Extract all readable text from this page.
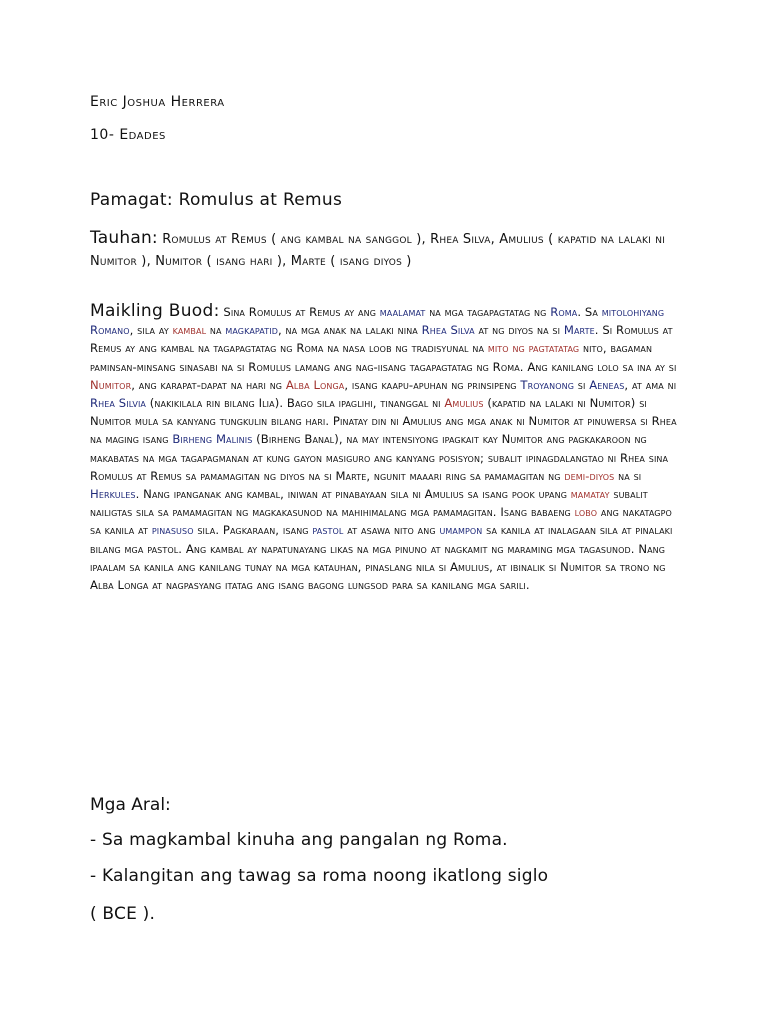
Eric Joshua Herrera
10- Edades
Pamagat: Romulus at Remus
Tauhan: Romulus at Remus ( ang kambal na sanggol ), Rhea Silva, Amulius ( kapatid na lalaki ni Numitor ), Numitor ( isang hari ), Marte ( isang diyos )
Maikling Buod: Sina Romulus at Remus ay ang maalamat na mga tagapagtatag ng Roma. Sa mitolohiyang Romano, sila ay kambal na magkapatid, na mga anak na lalaki nina Rhea Silva at ng diyos na si Marte. Si Romulus at Remus ay ang kambal na tagapagtatag ng Roma na nasa loob ng tradisyunal na mito ng pagtatatag nito, bagaman paminsan-minsang sinasabi na si Romulus lamang ang nag-iisang tagapagtatag ng Roma. Ang kanilang lolo sa ina ay si Numitor, ang karapat-dapat na hari ng Alba Longa, isang kaapu-apuhan ng prinsipeng Troyanong si Aeneas, at ama ni Rhea Silvia (nakikilala rin bilang Ilia). Bago sila ipaglihi, tinanggal ni Amulius (kapatid na lalaki ni Numitor) si Numitor mula sa kanyang tungkulin bilang hari. Pinatay din ni Amulius ang mga anak ni Numitor at pinuwersa si Rhea na maging isang Birheng Malinis (Birheng Banal), na may intensiyong ipagkait kay Numitor ang pagkakaroon ng makabatas na mga tagapagmanan at kung gayon masiguro ang kanyang posisyon; subalit ipinagdalangtao ni Rhea sina Romulus at Remus sa pamamagitan ng diyos na si Marte, ngunit maaari ring sa pamamagitan ng demi-diyos na si Herkules. Nang ipanganak ang kambal, iniwan at pinabayaan sila ni Amulius sa isang pook upang mamatay subalit nailigtas sila sa pamamagitan ng magkakasunod na mahihimalang mga pamamagitan. Isang babaeng lobo ang nakatagpo sa kanila at pinasuso sila. Pagkaraan, isang pastol at asawa nito ang umampon sa kanila at inalagaan sila at pinalaki bilang mga pastol. Ang kambal ay napatunayang likas na mga pinuno at nagkamit ng maraming mga tagasunod. Nang ipaalam sa kanila ang kanilang tunay na mga katauhan, pinaslang nila si Amulius, at ibinalik si Numitor sa trono ng Alba Longa at nagpasyang itatag ang isang bagong lungsod para sa kanilang mga sarili.
Mga Aral:
- Sa magkambal kinuha ang pangalan ng Roma.
- Kalangitan ang tawag sa roma noong ikatlong siglo
( BCE ).
